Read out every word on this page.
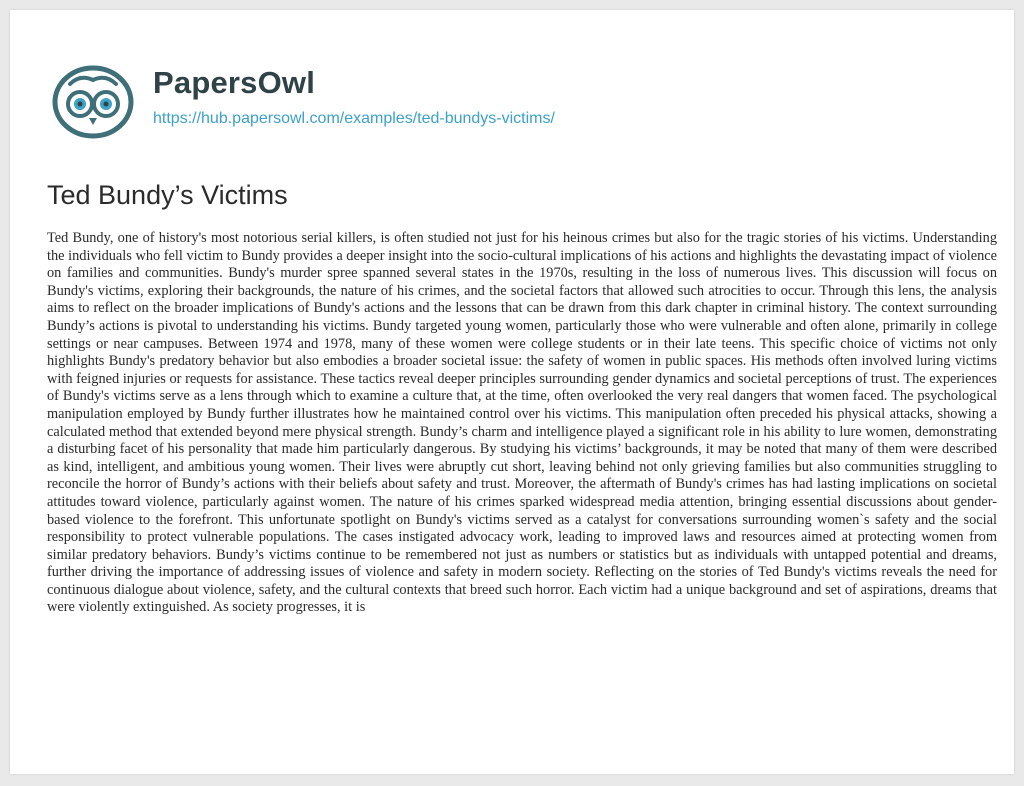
PapersOwl
https://hub.papersowl.com/examples/ted-bundys-victims/
Ted Bundy’s Victims

Ted Bundy, one of history's most notorious serial killers, is often studied not just for his heinous crimes but also for the tragic stories of his victims. Understanding the individuals who fell victim to Bundy provides a deeper insight into the socio-cultural implications of his actions and highlights the devastating impact of violence on families and communities. Bundy's murder spree spanned several states in the 1970s, resulting in the loss of numerous lives. This discussion will focus on Bundy's victims, exploring their backgrounds, the nature of his crimes, and the societal factors that allowed such atrocities to occur. Through this lens, the analysis aims to reflect on the broader implications of Bundy's actions and the lessons that can be drawn from this dark chapter in criminal history. The context surrounding Bundy’s actions is pivotal to understanding his victims. Bundy targeted young women, particularly those who were vulnerable and often alone, primarily in college settings or near campuses. Between 1974 and 1978, many of these women were college students or in their late teens. This specific choice of victims not only highlights Bundy's predatory behavior but also embodies a broader societal issue: the safety of women in public spaces. His methods often involved luring victims with feigned injuries or requests for assistance. These tactics reveal deeper principles surrounding gender dynamics and societal perceptions of trust. The experiences of Bundy's victims serve as a lens through which to examine a culture that, at the time, often overlooked the very real dangers that women faced. The psychological manipulation employed by Bundy further illustrates how he maintained control over his victims. This manipulation often preceded his physical attacks, showing a calculated method that extended beyond mere physical strength. Bundy’s charm and intelligence played a significant role in his ability to lure women, demonstrating a disturbing facet of his personality that made him particularly dangerous. By studying his victims’ backgrounds, it may be noted that many of them were described as kind, intelligent, and ambitious young women. Their lives were abruptly cut short, leaving behind not only grieving families but also communities struggling to reconcile the horror of Bundy’s actions with their beliefs about safety and trust. Moreover, the aftermath of Bundy's crimes has had lasting implications on societal attitudes toward violence, particularly against women. The nature of his crimes sparked widespread media attention, bringing essential discussions about gender-based violence to the forefront. This unfortunate spotlight on Bundy's victims served as a catalyst for conversations surrounding women`s safety and the social responsibility to protect vulnerable populations. The cases instigated advocacy work, leading to improved laws and resources aimed at protecting women from similar predatory behaviors. Bundy’s victims continue to be remembered not just as numbers or statistics but as individuals with untapped potential and dreams, further driving the importance of addressing issues of violence and safety in modern society. Reflecting on the stories of Ted Bundy's victims reveals the need for continuous dialogue about violence, safety, and the cultural contexts that breed such horror. Each victim had a unique background and set of aspirations, dreams that were violently extinguished. As society progresses, it is
